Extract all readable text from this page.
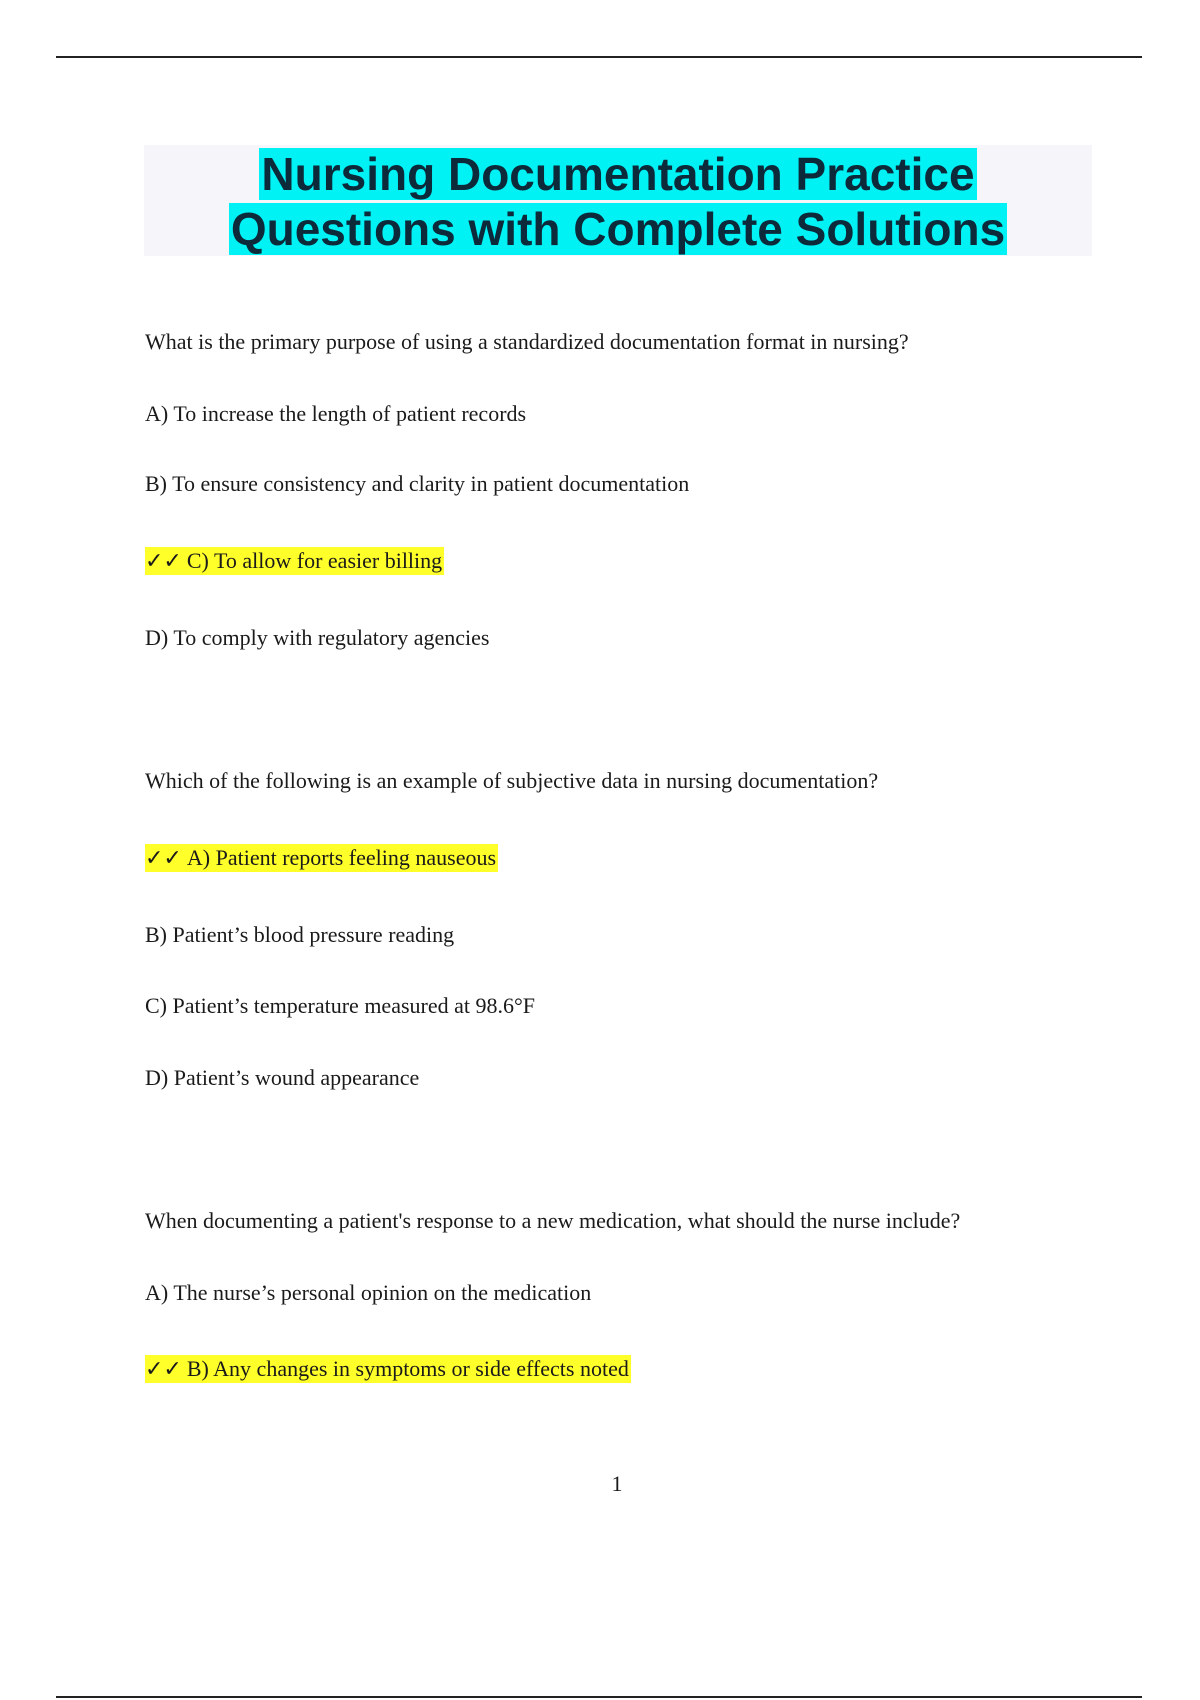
Nursing Documentation Practice
Questions with Complete Solutions
What is the primary purpose of using a standardized documentation format in nursing?
A) To increase the length of patient records
B) To ensure consistency and clarity in patient documentation
✓✓ C) To allow for easier billing
D) To comply with regulatory agencies
Which of the following is an example of subjective data in nursing documentation?
✓✓ A) Patient reports feeling nauseous
B) Patient’s blood pressure reading
C) Patient’s temperature measured at 98.6°F
D) Patient’s wound appearance
When documenting a patient's response to a new medication, what should the nurse include?
A) The nurse’s personal opinion on the medication
✓✓ B) Any changes in symptoms or side effects noted
1
